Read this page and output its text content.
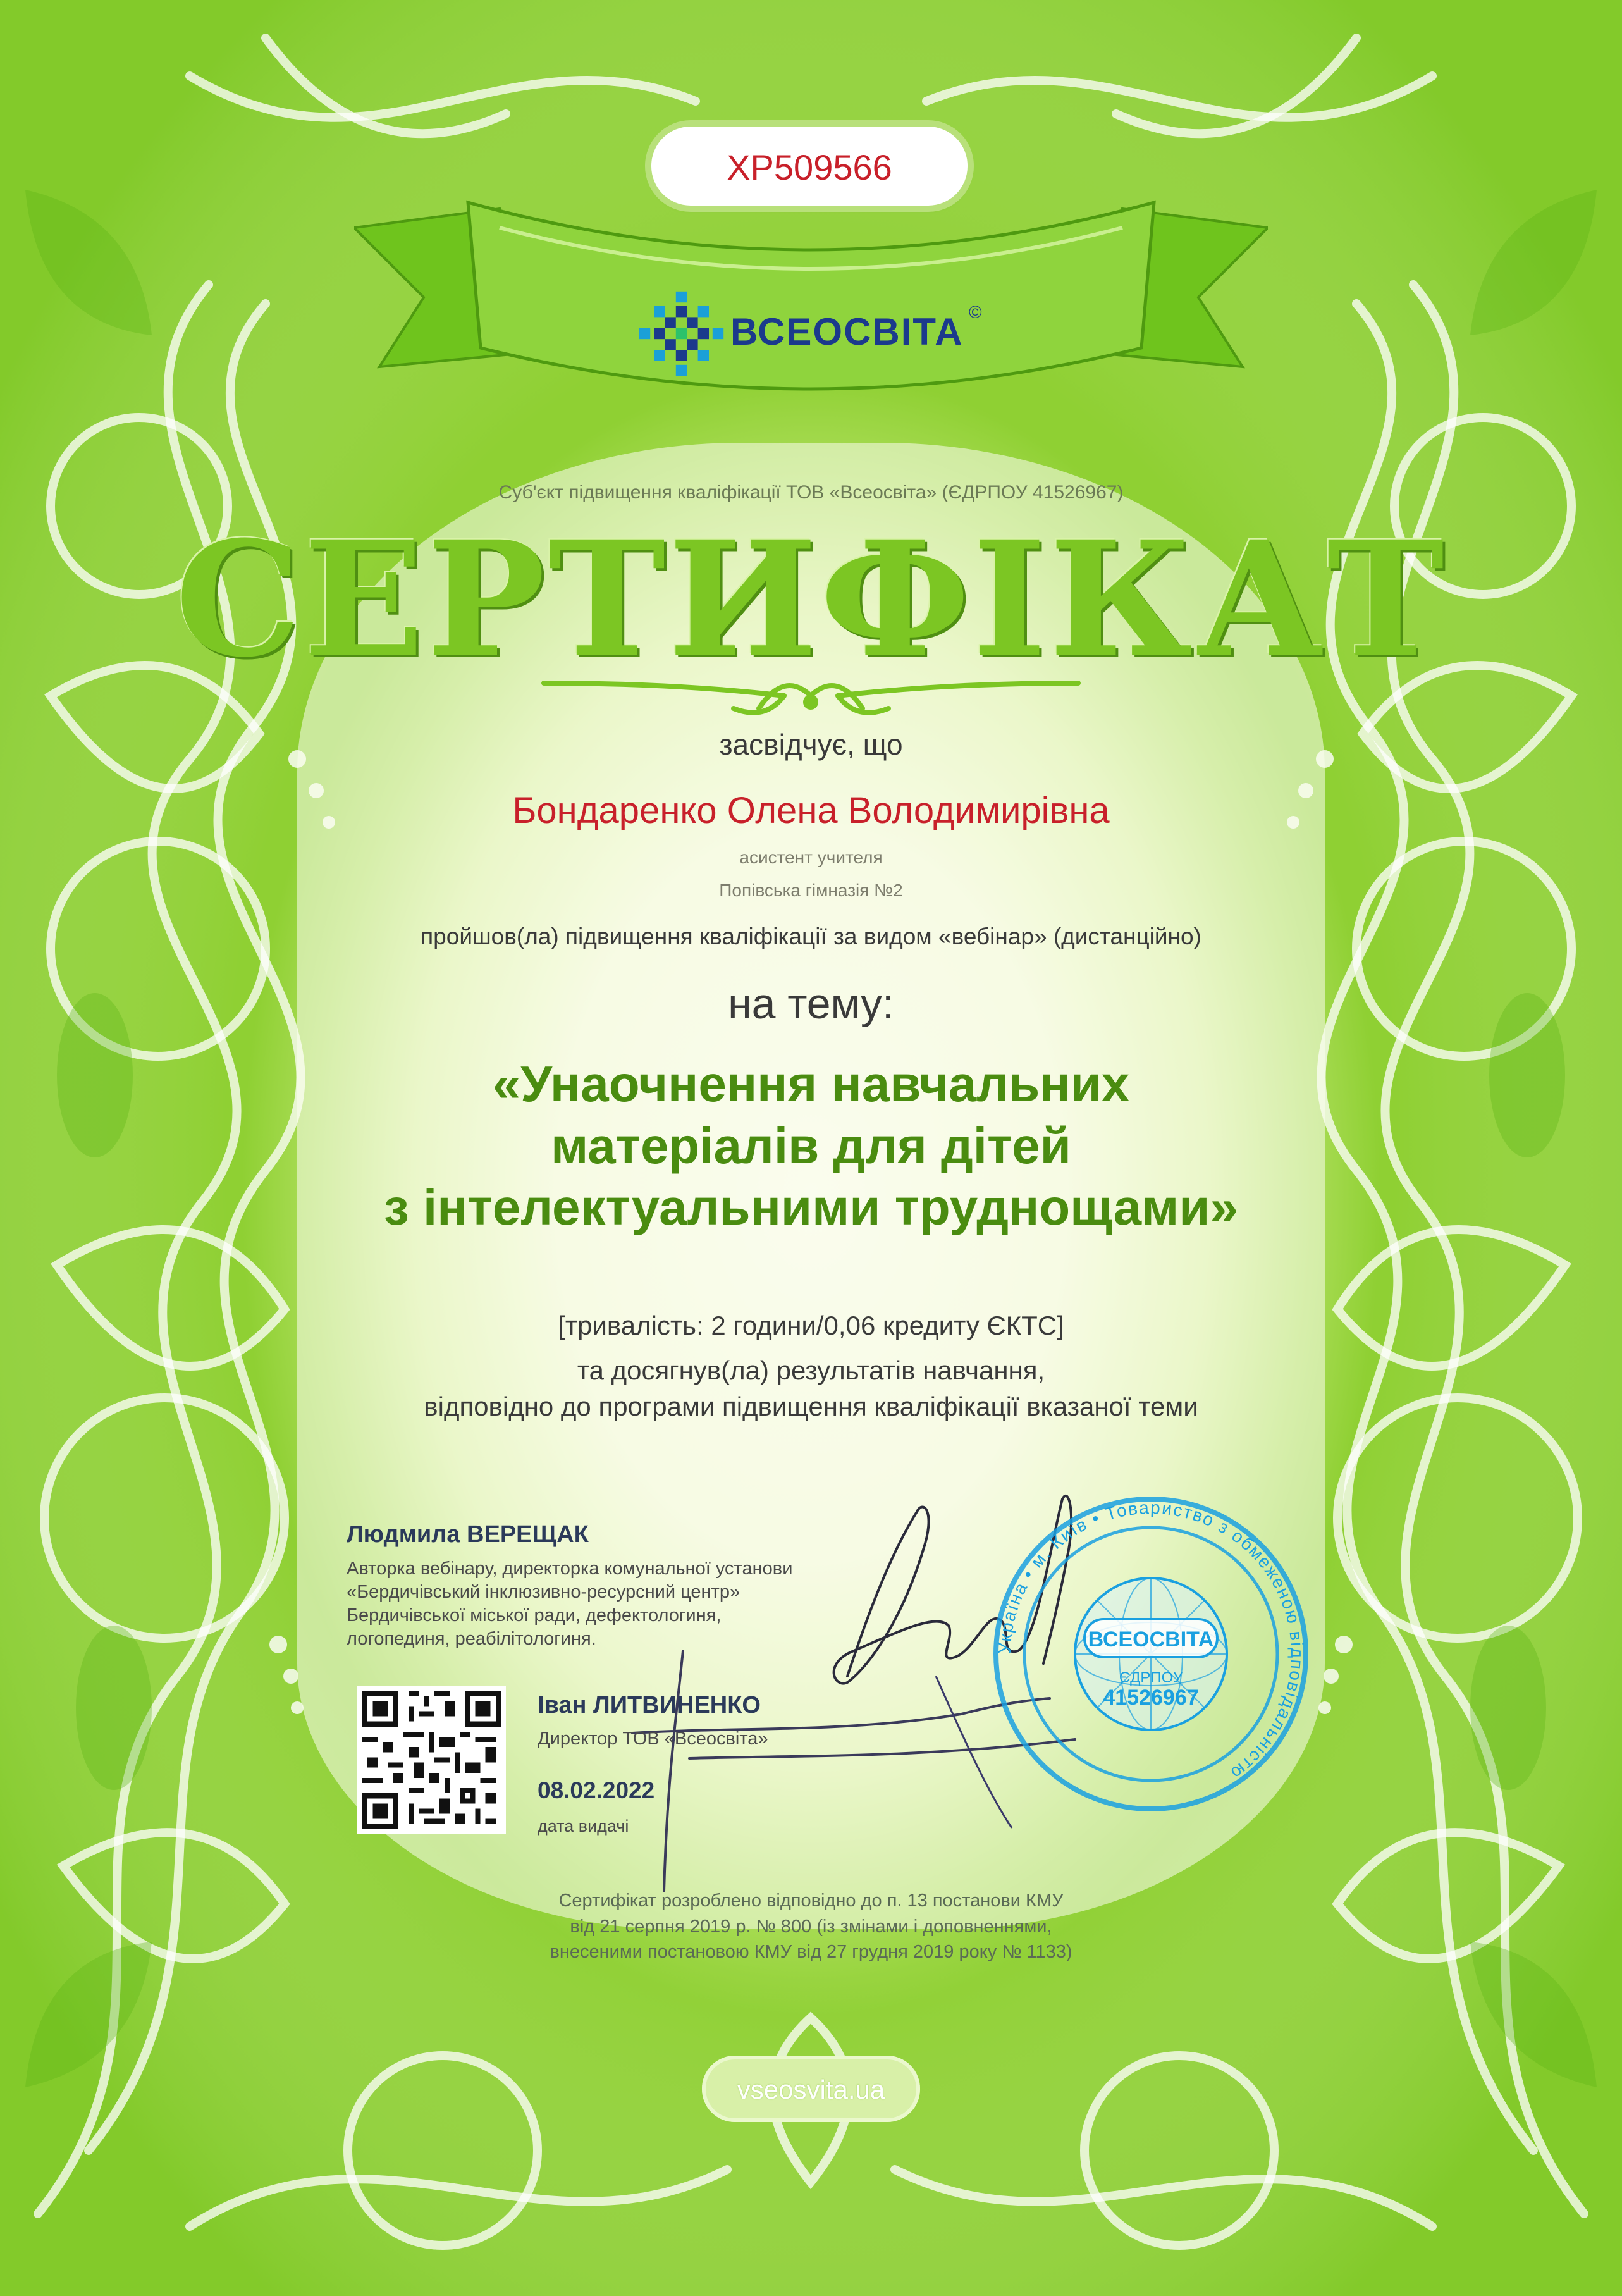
ХР509566
ВСЕОСВІТА ©
Суб'єкт підвищення кваліфікації ТОВ «Всеосвіта» (ЄДРПОУ 41526967)
СЕРТИФІКАТ
засвідчує, що
Бондаренко Олена Володимирівна
асистент учителя
Попівська гімназія №2
пройшов(ла) підвищення кваліфікації за видом «вебінар» (дистанційно)
на тему:
«Унаочнення навчальних
матеріалів для дітей
з інтелектуальними труднощами»
[тривалість: 2 години/0,06 кредиту ЄКТС]
та досягнув(ла) результатів навчання,
відповідно до програми підвищення кваліфікації вказаної теми
Людмила ВЕРЕЩАК
Авторка вебінару, директорка комунальної установи
«Бердичівський інклюзивно-ресурсний центр»
Бердичівської міської ради, дефектологиня,
логопединя, реабілітологиня.	ВСЕОСВІТА
ЄДРПОУ
41526967
Україна • м. Київ • Товариство з обмеженою відповідальністю
Іван ЛИТВИНЕНКО
Директор ТОВ «Всеосвіта»
08.02.2022
дата видачі
Сертифікат розроблено відповідно до п. 13 постанови КМУ
від 21 серпня 2019 р. № 800 (із змінами і доповненнями,
внесеними постановою КМУ від 27 грудня 2019 року № 1133)
vseosvita.ua
